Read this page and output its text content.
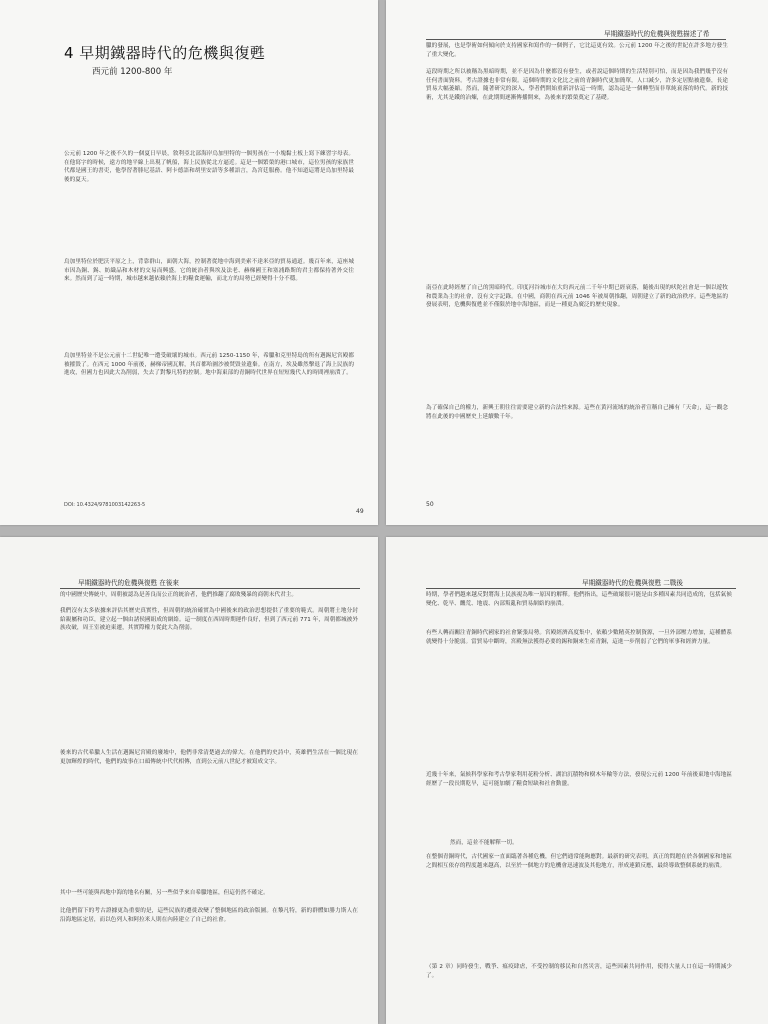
4 早期鐵器時代的危機與復甦
西元前 1200-800 年
公元前 1200 年之後不久的一個夏日早晨，敘利亞北部海岸烏加里特的一個男孩在一小塊黏土板上寫下練習字母表。在他寫字的時候，遠方的地平線上出現了帆船，海上民族從北方逼近。這是一個繁榮的港口城市，這位男孩的家族世代都是國王的書吏，他學習著腓尼基語、阿卡德語和胡里安語等多種語言，為宮廷服務。他不知道這將是烏加里特最後的夏天。
烏加里特位於肥沃平原之上，背靠群山，面朝大海，控制著從地中海到美索不達米亞的貿易通道。幾百年來，這座城市因為銅、錫、紡織品和木材的交易而興盛。它的統治者與埃及法老、赫梯國王和塞浦路斯的君主都保持著外交往來。然而到了這一時期，城市越來越依賴於海上的糧食運輸，而北方的局勢已經變得十分不穩。
烏加里特並不是公元前十二世紀唯一遭受破壞的城市。西元前 1250-1150 年，希臘和克里特島的所有邁錫尼宮殿都被摧毀了。在西元 1000 年前後，赫梯帝國瓦解，其首都哈圖沙被焚毀並遺棄。在南方，埃及雖然擊退了海上民族的進攻，但國力也因此大為削弱，失去了對黎凡特的控制。地中海東部的青銅時代世界在短短幾代人的時間裡崩潰了。
DOI: 10.4324/9781003142263-5
49
早期鐵器時代的危機與復甦描述了希
臘的發展，也是學術如何傾向於支持國家和寫作的一個例子，它比這更有效。公元前 1200 年之後的世紀在許多地方發生了重大變化。
這段時期之所以被稱為黑暗時期，並不是因為什麼都沒有發生，或者說這個時期的生活特別可怕，而是因為我們幾乎沒有任何書面資料。考古證據也非常有限。這個時期的文化比之前的青銅時代更加簡單，人口減少，許多定居點被遺棄，長途貿易大幅萎縮。然而，隨著研究的深入，學者們開始重新評估這一時期，認為這是一個轉型而非單純衰落的時代。新的技術，尤其是鐵的冶煉，在此期間逐漸傳播開來，為後來的繁榮奠定了基礎。
南亞在此時經歷了自己的黑暗時代。印度河谷城市在大約西元前二千年中期已經衰落，隨後出現的吠陀社會是一個以遊牧和農業為主的社會，沒有文字記錄。在中國，商朝在西元前 1046 年被周朝推翻，周朝建立了新的政治秩序。這些地區的發展表明，危機與復甦並不僅限於地中海地區，而是一種更為廣泛的歷史現象。
為了確保自己的權力，新興王朝往往需要建立新的合法性來源。這些在黃河流域的統治者宣稱自己擁有「天命」，這一觀念將在此後的中國歷史上延續數千年。
50
早期鐵器時代的危機與復甦 在後來
的中國歷史傳統中，周朝被認為是善良而公正的統治者，他們推翻了腐敗殘暴的商朝末代君主。
我們沒有太多依據來評估其歷史真實性，但周朝的統治確實為中國後來的政治思想提供了重要的範式。周朝將土地分封給親屬和功臣，建立起一個由諸侯國組成的網絡。這一制度在西周時期運作良好，但到了西元前 771 年，周朝都城被外族攻破，周王室被迫東遷，其實際權力從此大為削弱。
後來的古代希臘人生活在邁錫尼宮殿的廢墟中，他們非常清楚過去的偉大。在他們的史詩中，英雄們生活在一個比現在更加輝煌的時代，他們的故事在口頭傳統中代代相傳，直到公元前八世紀才被寫成文字。
其中一些可能與西地中海的地名有關，另一些似乎來自希臘地區，但這仍然不確定。
比他們留下的考古證據更為重要的是，這些民族的遷徙改變了整個地區的政治版圖。在黎凡特，新的群體如腓力斯人在沿海地區定居，而以色列人和阿拉米人則在內陸建立了自己的社會。
早期鐵器時代的危機與復甦 二戰後
時期，學者們越來越反對將海上民族視為唯一原因的解釋。他們指出，這些破壞很可能是由多種因素共同造成的，包括氣候變化、乾旱、饑荒、地震、內部叛亂和貿易網絡的崩潰。
有些人轉而關注青銅時代國家的社會緊張局勢。宮殿經濟高度集中，依賴少數精英控制資源，一旦外部壓力增加，這種體系就變得十分脆弱。當貿易中斷時，宮殿無法獲得必要的錫和銅來生產青銅，這進一步削弱了它們的軍事和經濟力量。
近幾十年來，氣候科學家和考古學家利用花粉分析、湖泊沉積物和樹木年輪等方法，發現公元前 1200 年前後東地中海地區經歷了一段長期乾旱，這可能加劇了糧食短缺和社會動盪。
然而，這並不能解釋一切。
在整個青銅時代，古代國家一直面臨著各種危機，但它們通常能夠應對。最新的研究表明，真正的問題在於各個國家和地區之間相互依存的程度越來越高，以至於一個地方的危機會迅速波及其他地方，形成連鎖反應，最終導致整個系統的崩潰。
（第 2 章）同時發生，戰爭、瘟疫肆虐，不受控制的移民和自然災害，這些因素共同作用，使得大量人口在這一時期減少了。
